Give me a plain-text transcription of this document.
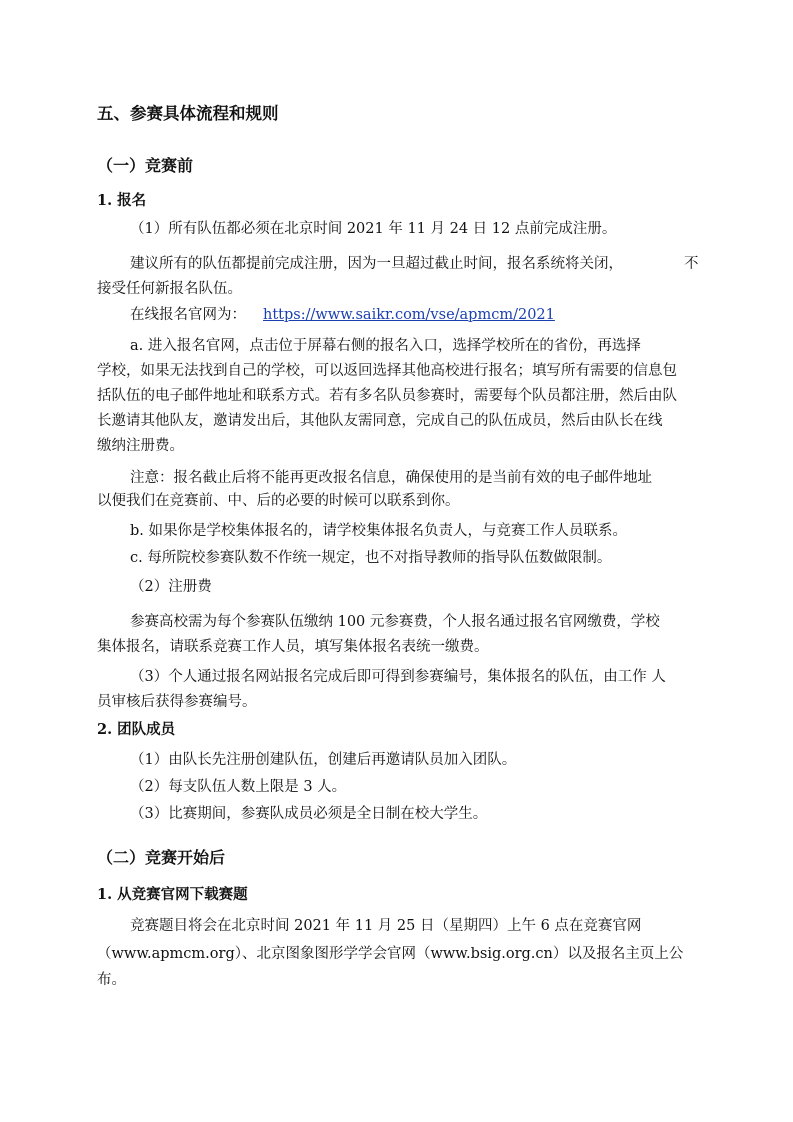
五、参赛具体流程和规则
（一）竞赛前
1. 报名
（1）所有队伍都必须在北京时间 2021 年 11 月 24 日 12 点前完成注册。
建议所有的队伍都提前完成注册，因为一旦超过截止时间，报名系统将关闭，	不
接受任何新报名队伍。
在线报名官网为： https://www.saikr.com/vse/apmcm/2021
a. 进入报名官网，点击位于屏幕右侧的报名入口，选择学校所在的省份，再选择
学校，如果无法找到自己的学校，可以返回选择其他高校进行报名；填写所有需要的信息包
括队伍的电子邮件地址和联系方式。若有多名队员参赛时，需要每个队员都注册，然后由队
长邀请其他队友，邀请发出后，其他队友需同意，完成自己的队伍成员，然后由队长在线
缴纳注册费。
注意：报名截止后将不能再更改报名信息，确保使用的是当前有效的电子邮件地址
以便我们在竞赛前、中、后的必要的时候可以联系到你。
b. 如果你是学校集体报名的，请学校集体报名负责人，与竞赛工作人员联系。
c. 每所院校参赛队数不作统一规定，也不对指导教师的指导队伍数做限制。
（2）注册费
参赛高校需为每个参赛队伍缴纳 100 元参赛费，个人报名通过报名官网缴费，学校
集体报名，请联系竞赛工作人员，填写集体报名表统一缴费。
（3）个人通过报名网站报名完成后即可得到参赛编号，集体报名的队伍，由工作 人
员审核后获得参赛编号。
2. 团队成员
（1）由队长先注册创建队伍，创建后再邀请队员加入团队。
（2）每支队伍人数上限是 3 人。
（3）比赛期间，参赛队成员必须是全日制在校大学生。
（二）竞赛开始后
1. 从竞赛官网下载赛题
竞赛题目将会在北京时间 2021 年 11 月 25 日（星期四）上午 6 点在竞赛官网
（www.apmcm.org）、北京图象图形学学会官网（www.bsig.org.cn）以及报名主页上公
布。
